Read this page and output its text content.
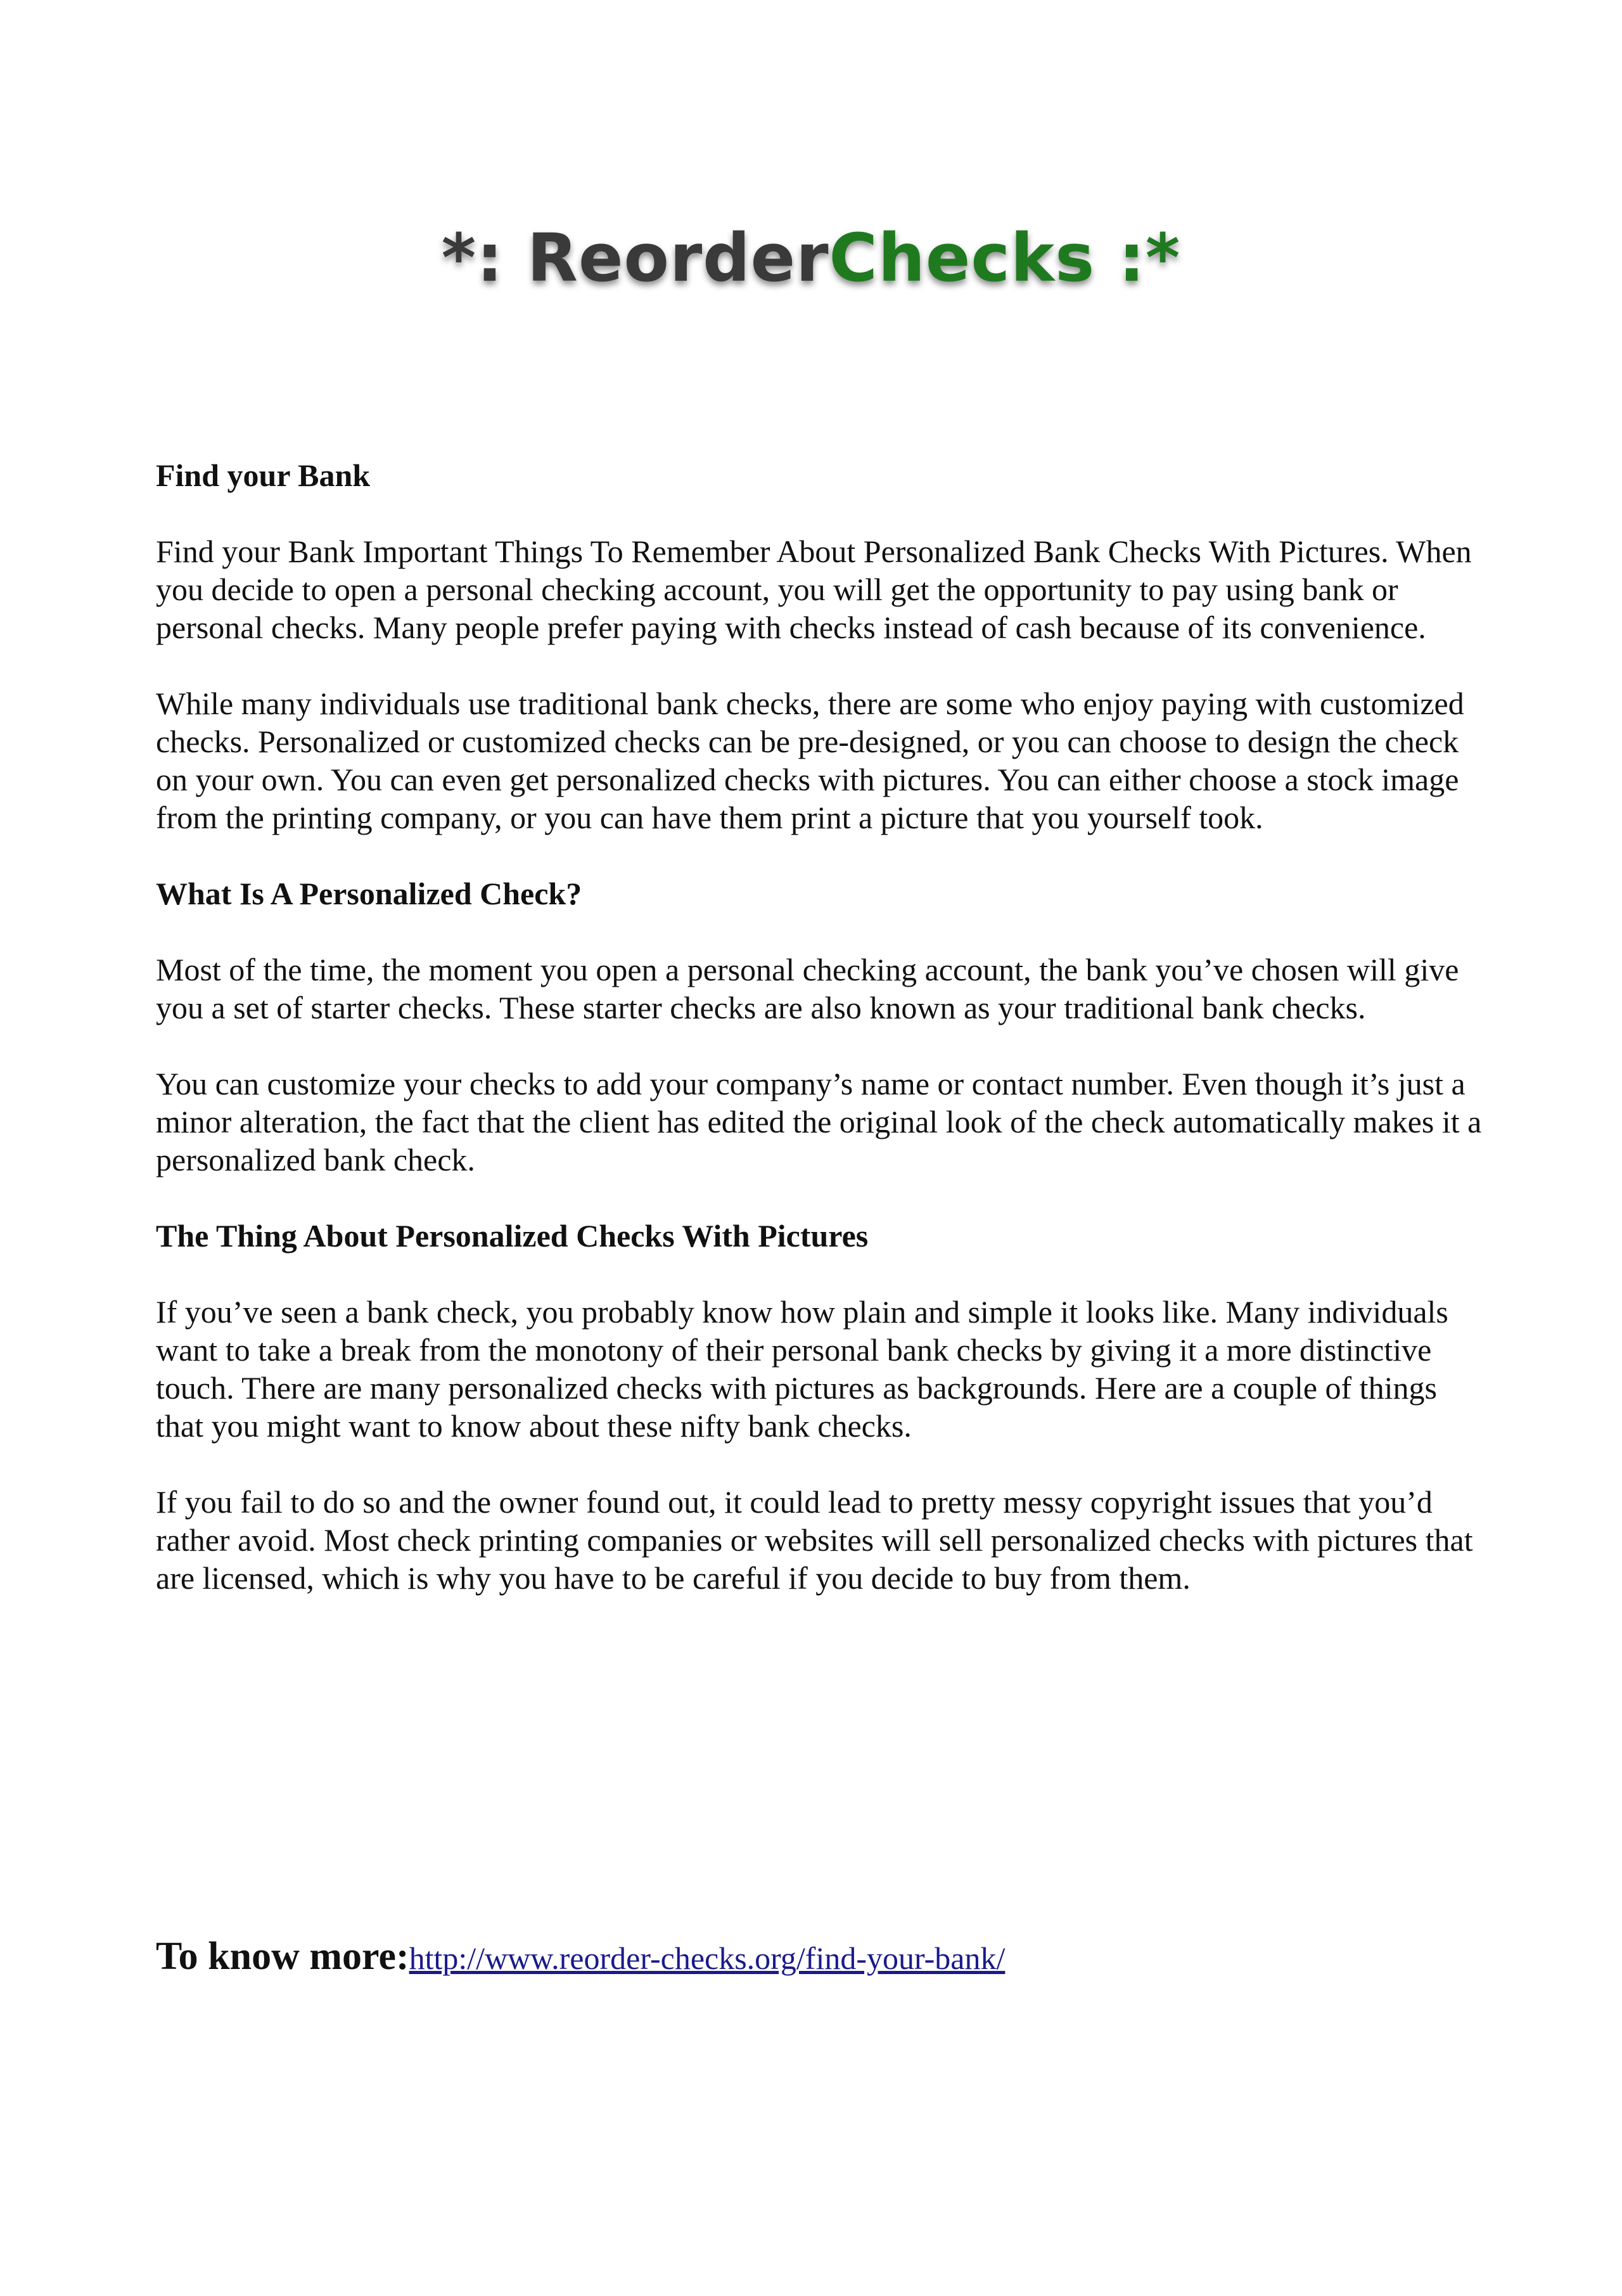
*: ReorderChecks :*
Find your Bank
Find your Bank Important Things To Remember About Personalized Bank Checks With Pictures. When you decide to open a personal checking account, you will get the opportunity to pay using bank or personal checks. Many people prefer paying with checks instead of cash because of its convenience.
While many individuals use traditional bank checks, there are some who enjoy paying with customized checks. Personalized or customized checks can be pre-designed, or you can choose to design the check on your own. You can even get personalized checks with pictures. You can either choose a stock image from the printing company, or you can have them print a picture that you yourself took.
What Is A Personalized Check?
Most of the time, the moment you open a personal checking account, the bank you’ve chosen will give you a set of starter checks. These starter checks are also known as your traditional bank checks.
You can customize your checks to add your company’s name or contact number. Even though it’s just a minor alteration, the fact that the client has edited the original look of the check automatically makes it a personalized bank check.
The Thing About Personalized Checks With Pictures
If you’ve seen a bank check, you probably know how plain and simple it looks like. Many individuals want to take a break from the monotony of their personal bank checks by giving it a more distinctive touch. There are many personalized checks with pictures as backgrounds. Here are a couple of things that you might want to know about these nifty bank checks.
If you fail to do so and the owner found out, it could lead to pretty messy copyright issues that you’d rather avoid. Most check printing companies or websites will sell personalized checks with pictures that are licensed, which is why you have to be careful if you decide to buy from them.
To know more:http://www.reorder-checks.org/find-your-bank/
